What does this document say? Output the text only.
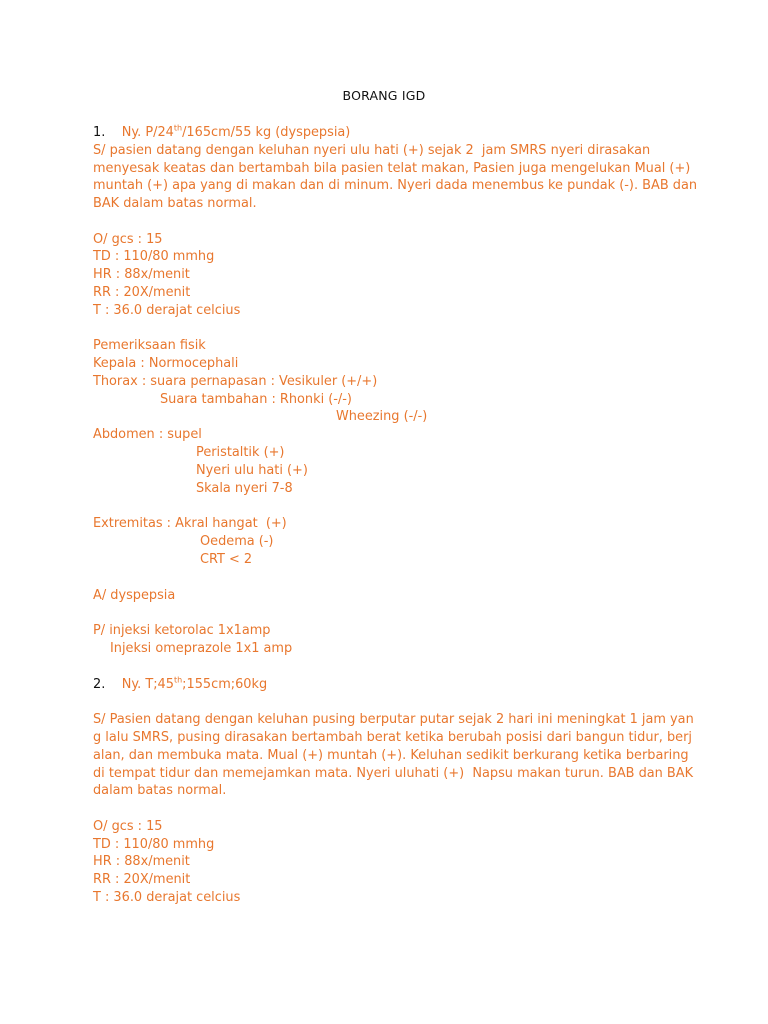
BORANG IGD
1. Ny. P/24th/165cm/55 kg (dyspepsia)
S/ pasien datang dengan keluhan nyeri ulu hati (+) sejak 2  jam SMRS nyeri dirasakan
menyesak keatas dan bertambah bila pasien telat makan, Pasien juga mengelukan Mual (+)
muntah (+) apa yang di makan dan di minum. Nyeri dada menembus ke pundak (-). BAB dan
BAK dalam batas normal.
O/ gcs : 15
TD : 110/80 mmhg
HR : 88x/menit
RR : 20X/menit
T : 36.0 derajat celcius
Pemeriksaan fisik
Kepala : Normocephali
Thorax : suara pernapasan : Vesikuler (+/+)
Suara tambahan : Rhonki (-/-)
Wheezing (-/-)
Abdomen : supel
Peristaltik (+)
Nyeri ulu hati (+)
Skala nyeri 7-8
Extremitas : Akral hangat  (+)
Oedema (-)
CRT < 2
A/ dyspepsia
P/ injeksi ketorolac 1x1amp
Injeksi omeprazole 1x1 amp
2. Ny. T;45th;155cm;60kg
S/ Pasien datang dengan keluhan pusing berputar putar sejak 2 hari ini meningkat 1 jam yan
g lalu SMRS, pusing dirasakan bertambah berat ketika berubah posisi dari bangun tidur, berj
alan, dan membuka mata. Mual (+) muntah (+). Keluhan sedikit berkurang ketika berbaring
di tempat tidur dan memejamkan mata. Nyeri uluhati (+)  Napsu makan turun. BAB dan BAK
dalam batas normal.
O/ gcs : 15
TD : 110/80 mmhg
HR : 88x/menit
RR : 20X/menit
T : 36.0 derajat celcius
